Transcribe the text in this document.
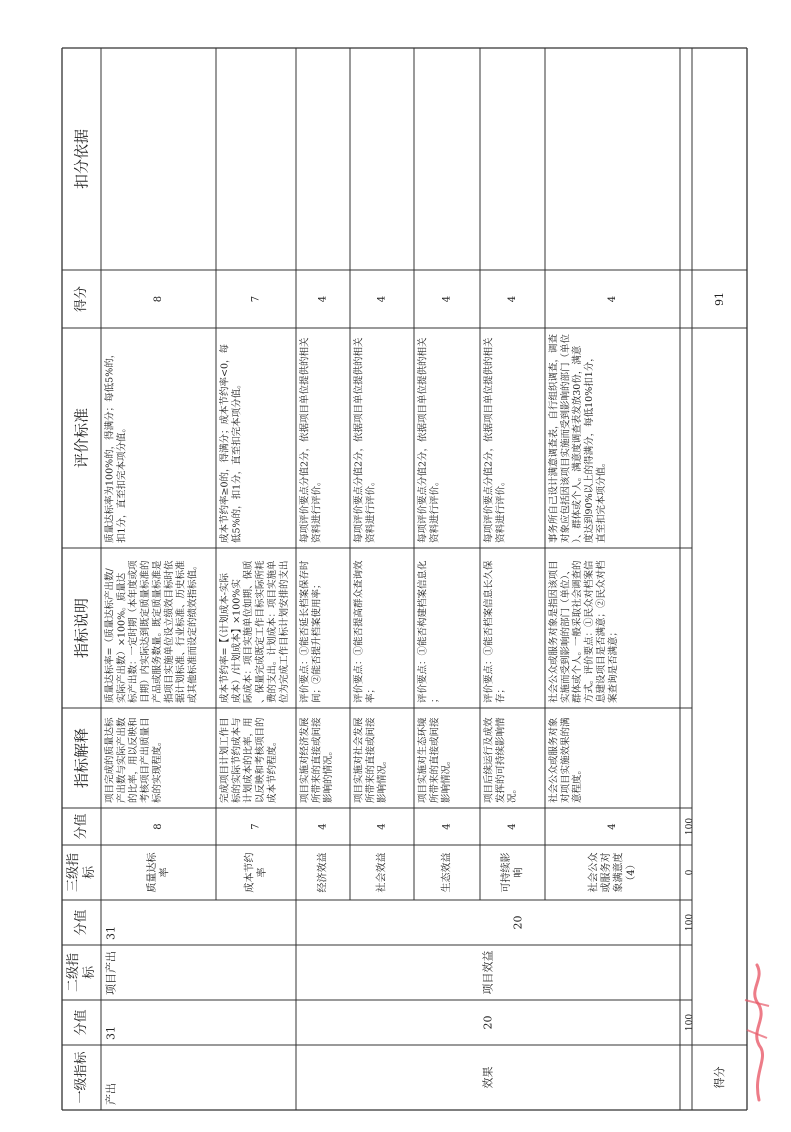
一级指标
分值
二级指 标
分值
三级指 标
分值
指标解释
指标说明
评价标准
得分
扣分依据
产出
31
项目产出
31
效果
20
项目效益
20
质量达标 率
8
项目完成的质量达标 产出数与实际产出数 的比率，用以反映和 考核项目产出质量目 标的实现程度。
质量达标率=（质量达标产出数/ 实际产出数）×100%。质量达 标产出数：一定时期（本年度或项 目期）内实际达到既定质量标准的 产品或服务数量。既定质量标准是 指项目实施单位设立绩效目标时依 据计划标准、行业标准、历史标准 或其他标准而设定的绩效指标值。
质量达标率为100%的，得满分；每低5%的， 扣1分，直至扣完本项分值。
8
成本节约 率
7
完成项目计划工作目 标的实际节约成本与 计划成本的比率，用 以反映和考核项目的 成本节约程度。
成本节约率=【（计划成本-实际 成本）/计划成本】×100%实 际成本：项目实施单位如期、保质 、保量完成既定工作目标实际所耗 费的支出。计划成本：项目实施单 位为完成工作目标计划安排的支出
成本节约率≥0的，得满分；成本节约率<0，每 低5%的，扣1分，直至扣完本项分值。
7
经济效益
4
项目实施对经济发展 所带来的直接或间接 影响的情况。
评价要点：①能否延长档案保存时 间；②能否提升档案使用率；
每项评价要点分值2分，依据项目单位提供的相关 资料进行评价。
4
社会效益
4
项目实施对社会发展 所带来的直接或间接 影响情况。
评价要点：①能否提高群众查询效 率；
每项评价要点分值2分，依据项目单位提供的相关 资料进行评价。
4
生态效益
4
项目实施对生态环境 所带来的直接或间接 影响情况。
评价要点：①能否构建档案信息化 ；
每项评价要点分值2分，依据项目单位提供的相关 资料进行评价。
4
可持续影 响
4
项目后续运行及成效 发挥的可持续影响情 况。
评价要点：①能否档案信息长久保 存；
每项评价要点分值2分，依据项目单位提供的相关 资料进行评价。
4
社会公众 或服务对 象满意度 （4）
4
社会公众或服务对象 对项目实施效果的满 意程度。
社会公众或服务对象是指因该项目 实施而受到影响的部门（单位）、 群体或个人。一般采取社会调查的 方式。评价要点：①民众对档案信 息建设项目是否满意；②民众对档 案查询是否满意；
事务所自己设计满意调查表，自行组织调查，调查 对象应包括因该项目实施而受到影响的部门（单位 ）、群体或个人。满意度调查表发放30份，满意 度达到90%以上的得满分，每低10%扣1分， 直至扣完本项分值。
4
100
100
0
100
得分
91
